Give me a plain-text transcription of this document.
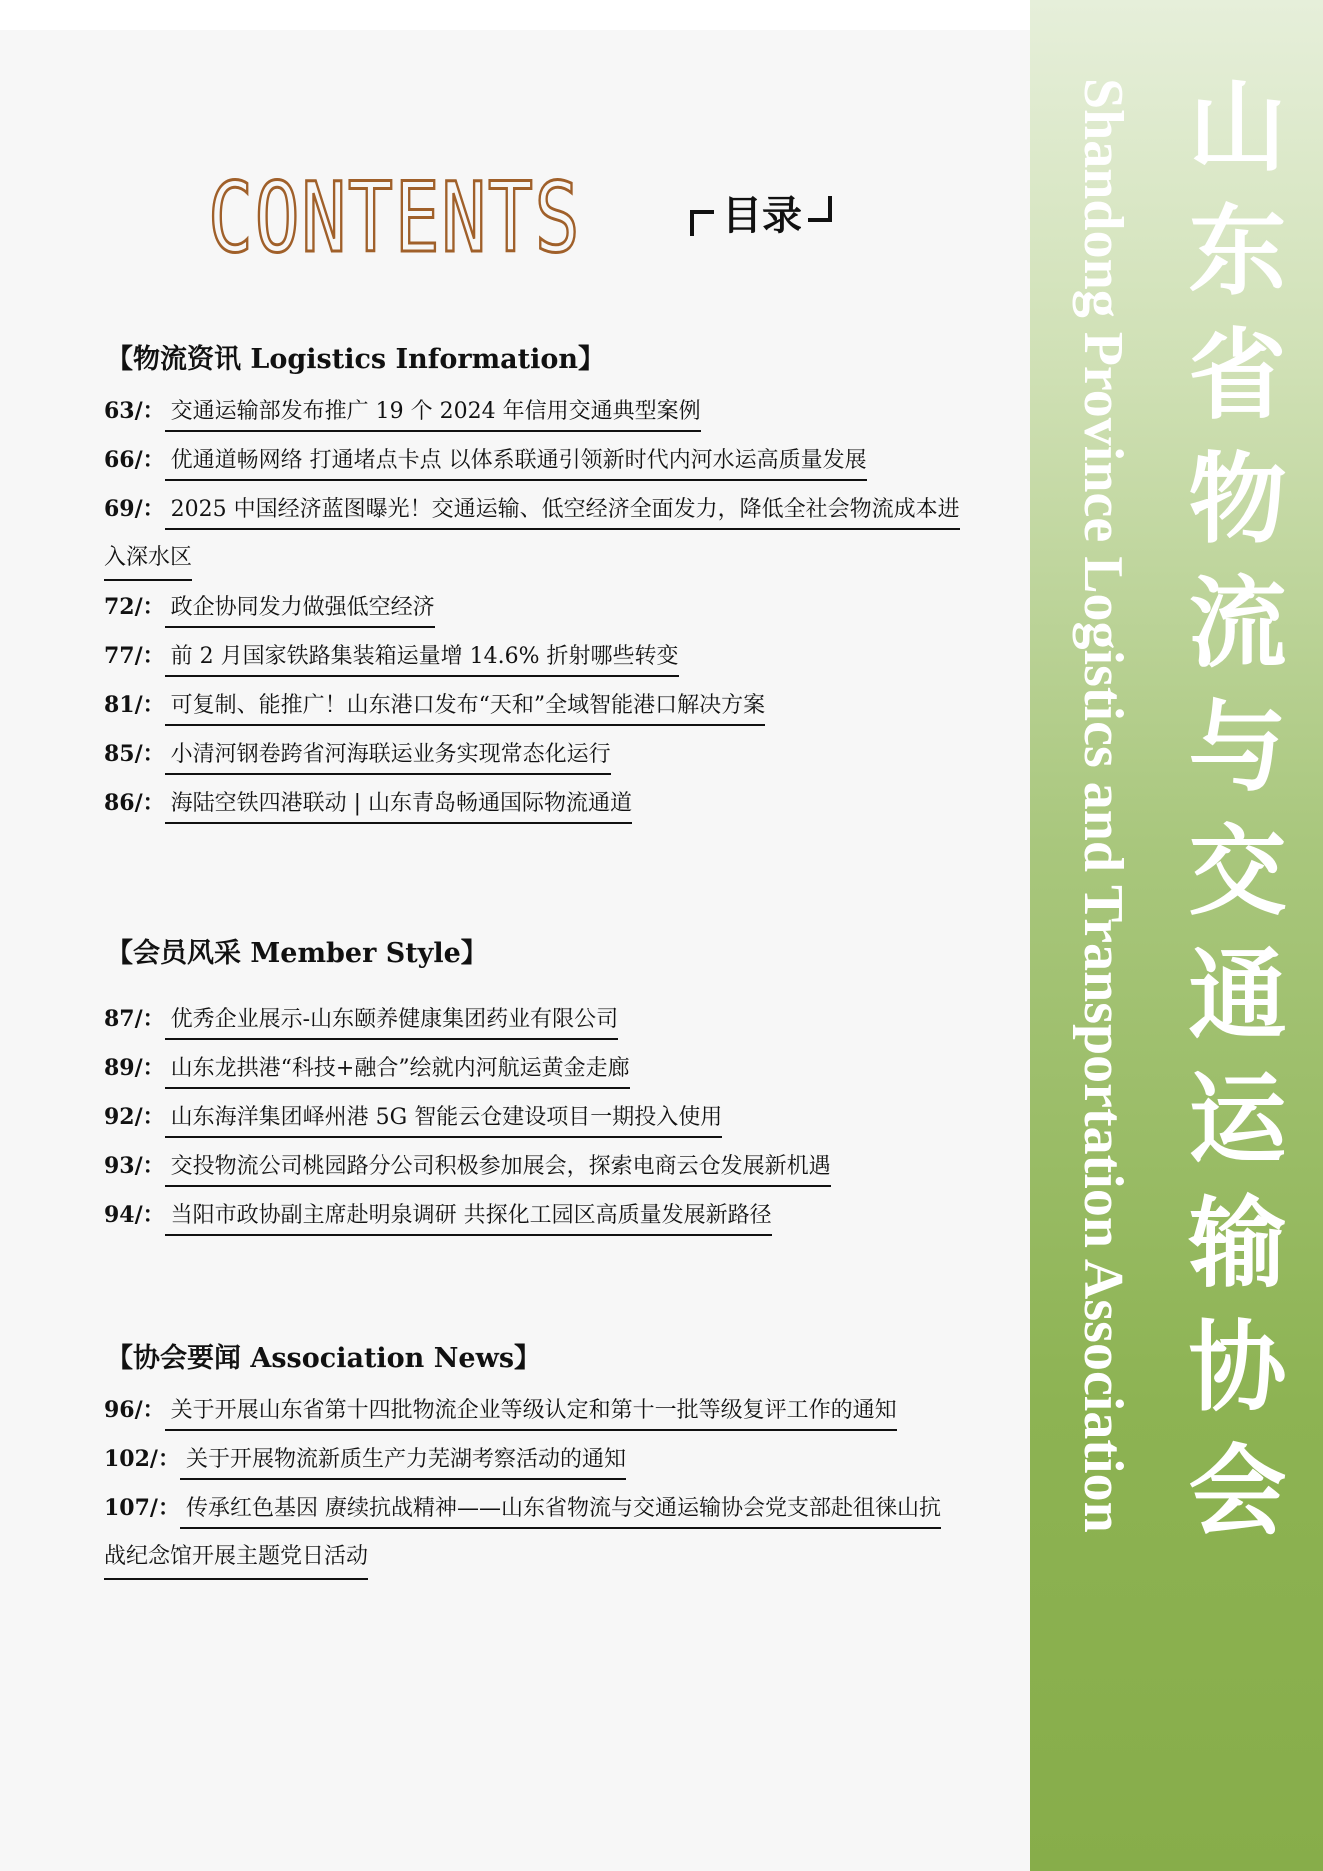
CONTENTS	目录
【物流资讯 Logistics Information】
63/： 交通运输部发布推广 19 个 2024 年信用交通典型案例
66/： 优通道畅网络 打通堵点卡点 以体系联通引领新时代内河水运高质量发展
69/： 2025 中国经济蓝图曝光！交通运输、低空经济全面发力，降低全社会物流成本进
入深水区
72/： 政企协同发力做强低空经济
77/： 前 2 月国家铁路集装箱运量增 14.6% 折射哪些转变
81/： 可复制、能推广！山东港口发布“天和”全域智能港口解决方案
85/： 小清河钢卷跨省河海联运业务实现常态化运行
86/： 海陆空铁四港联动 | 山东青岛畅通国际物流通道
【会员风采 Member Style】
87/： 优秀企业展示-山东颐养健康集团药业有限公司
89/： 山东龙拱港“科技+融合”绘就内河航运黄金走廊
92/： 山东海洋集团峄州港 5G 智能云仓建设项目一期投入使用
93/： 交投物流公司桃园路分公司积极参加展会，探索电商云仓发展新机遇
94/： 当阳市政协副主席赴明泉调研 共探化工园区高质量发展新路径
【协会要闻 Association News】
96/： 关于开展山东省第十四批物流企业等级认定和第十一批等级复评工作的通知
102/： 关于开展物流新质生产力芜湖考察活动的通知
107/： 传承红色基因 赓续抗战精神——山东省物流与交通运输协会党支部赴徂徕山抗
战纪念馆开展主题党日活动	山东省物流与交通运输协会
Shandong Province Logistics and Transportation Association
